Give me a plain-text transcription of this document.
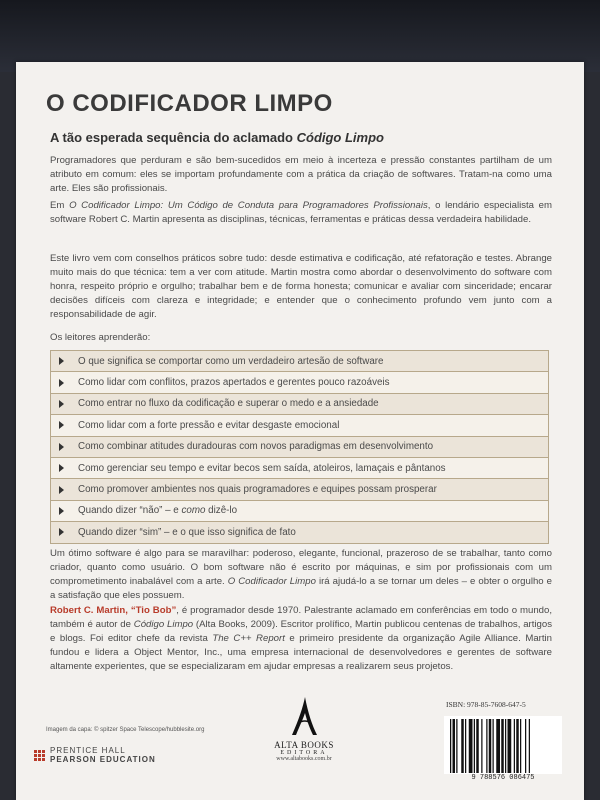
O CODIFICADOR LIMPO
A tão esperada sequência do aclamado Código Limpo

Programadores que perduram e são bem-sucedidos em meio à incerteza e pressão constantes partilham de um atributo em comum: eles se importam profundamente com a prática da criação de softwares. Tratam-na como uma arte. Eles são profissionais.

Em O Codificador Limpo: Um Código de Conduta para Programadores Profissionais, o lendário especialista em software Robert C. Martin apresenta as disciplinas, técnicas, ferramentas e práticas dessa verdadeira habilidade.

Este livro vem com conselhos práticos sobre tudo: desde estimativa e codificação, até refatoração e testes. Abrange muito mais do que técnica: tem a ver com atitude. Martin mostra como abordar o desenvolvimento do software com honra, respeito próprio e orgulho; trabalhar bem e de forma honesta; comunicar e avaliar com sinceridade; encarar decisões difíceis com clareza e integridade; e entender que o conhecimento profundo vem junto com a responsabilidade de agir.

Os leitores aprenderão:

O que significa se comportar como um verdadeiro artesão de software
Como lidar com conflitos, prazos apertados e gerentes pouco razoáveis
Como entrar no fluxo da codificação e superar o medo e a ansiedade
Como lidar com a forte pressão e evitar desgaste emocional
Como combinar atitudes duradouras com novos paradigmas em desenvolvimento
Como gerenciar seu tempo e evitar becos sem saída, atoleiros, lamaçais e pântanos
Como promover ambientes nos quais programadores e equipes possam prosperar
Quando dizer “não” – e como dizê-lo
Quando dizer “sim” – e o que isso significa de fato

Um ótimo software é algo para se maravilhar: poderoso, elegante, funcional, prazeroso de se trabalhar, tanto como criador, quanto como usuário. O bom software não é escrito por máquinas, e sim por profissionais com um comprometimento inabalável com a arte. O Codificador Limpo irá ajudá-lo a se tornar um deles – e obter o orgulho e a satisfação que eles possuem.

Robert C. Martin, “Tio Bob”, é programador desde 1970. Palestrante aclamado em conferências em todo o mundo, também é autor de Código Limpo (Alta Books, 2009). Escritor prolífico, Martin publicou centenas de trabalhos, artigos e blogs. Foi editor chefe da revista The C++ Report e primeiro presidente da organização Agile Alliance. Martin fundou e lidera a Object Mentor, Inc., uma empresa internacional de desenvolvedores e gerentes de software altamente experientes, que se especializaram em ajudar empresas a realizarem seus projetos.

Imagem da capa: © spitzer Space Telescope/hubblesite.org
PRENTICE HALL
PEARSON EDUCATION
ALTA BOOKS
EDITORA
www.altabooks.com.br
ISBN: 978-85-7608-647-5
9 788576 086475
